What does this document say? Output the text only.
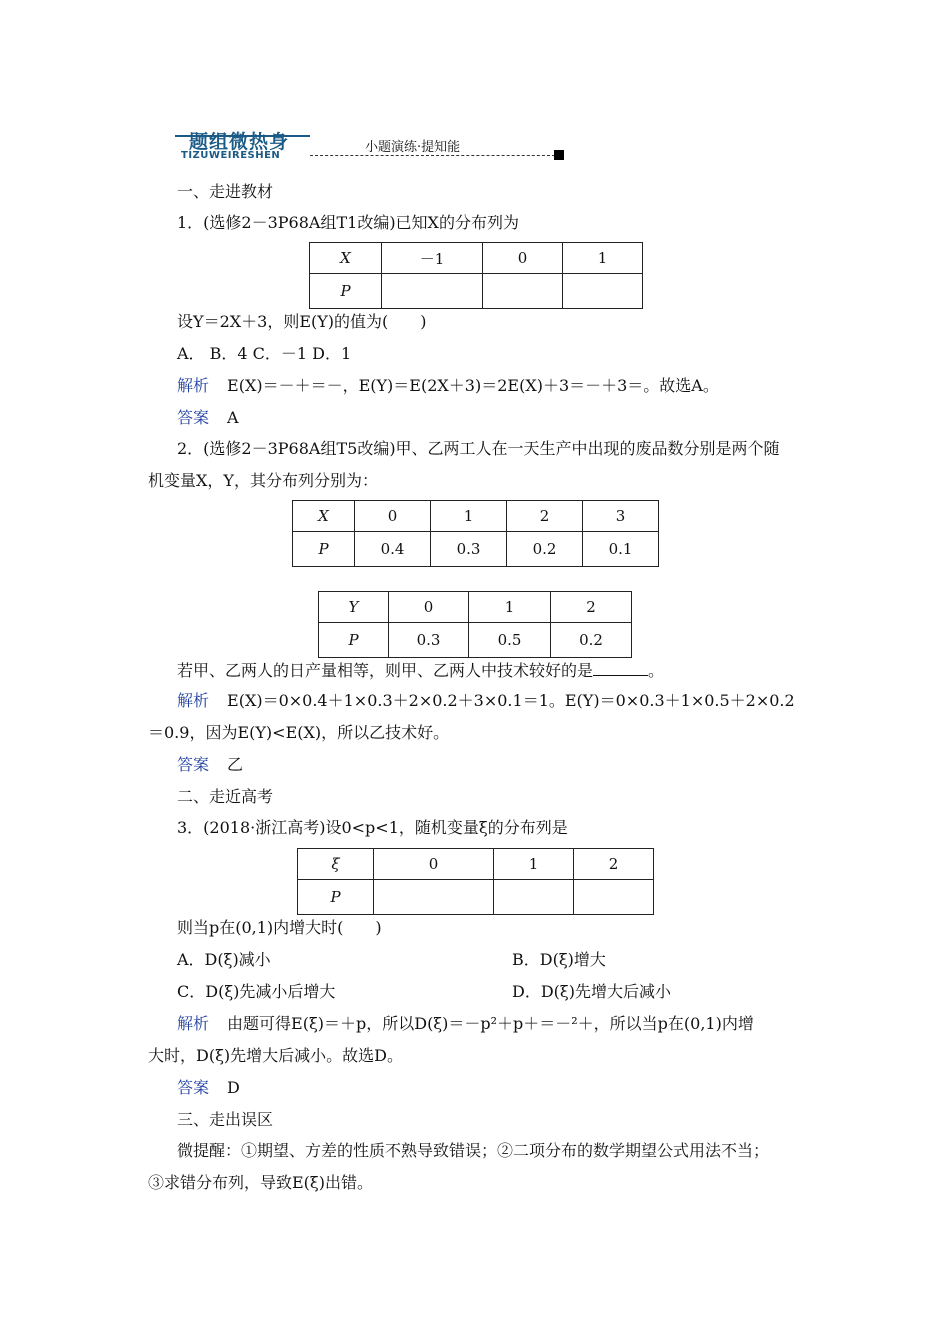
题组微热身
TIZUWEIRESHEN
小题演练·提知能
一、走进教材
1．(选修2－3P68A组T1改编)已知X的分布列为
X	－1	0	1
P			
设Y＝2X＋3，则E(Y)的值为(　　)
A． B．4 C．－1 D．1
解析 E(X)＝－＋＝－，E(Y)＝E(2X＋3)＝2E(X)＋3＝－＋3＝。故选A。
答案 A
2．(选修2－3P68A组T5改编)甲、乙两工人在一天生产中出现的废品数分别是两个随
机变量X，Y，其分布列分别为：
X	0	1	2	3
P	0.4	0.3	0.2	0.1
Y	0	1	2
P	0.3	0.5	0.2
若甲、乙两人的日产量相等，则甲、乙两人中技术较好的是	。
解析 E(X)＝0×0.4＋1×0.3＋2×0.2＋3×0.1＝1。E(Y)＝0×0.3＋1×0.5＋2×0.2
＝0.9，因为E(Y)<E(X)，所以乙技术好。
答案 乙
二、走近高考
3．(2018·浙江高考)设0<p<1，随机变量ξ的分布列是
ξ	0	1	2
P			
则当p在(0,1)内增大时(　　)
A．D(ξ)减小	B．D(ξ)增大
C．D(ξ)先减小后增大	D．D(ξ)先增大后减小
解析 由题可得E(ξ)＝＋p，所以D(ξ)＝－p²＋p＋＝－²＋，所以当p在(0,1)内增
大时，D(ξ)先增大后减小。故选D。
答案 D
三、走出误区
微提醒：①期望、方差的性质不熟导致错误；②二项分布的数学期望公式用法不当；
③求错分布列，导致E(ξ)出错。
